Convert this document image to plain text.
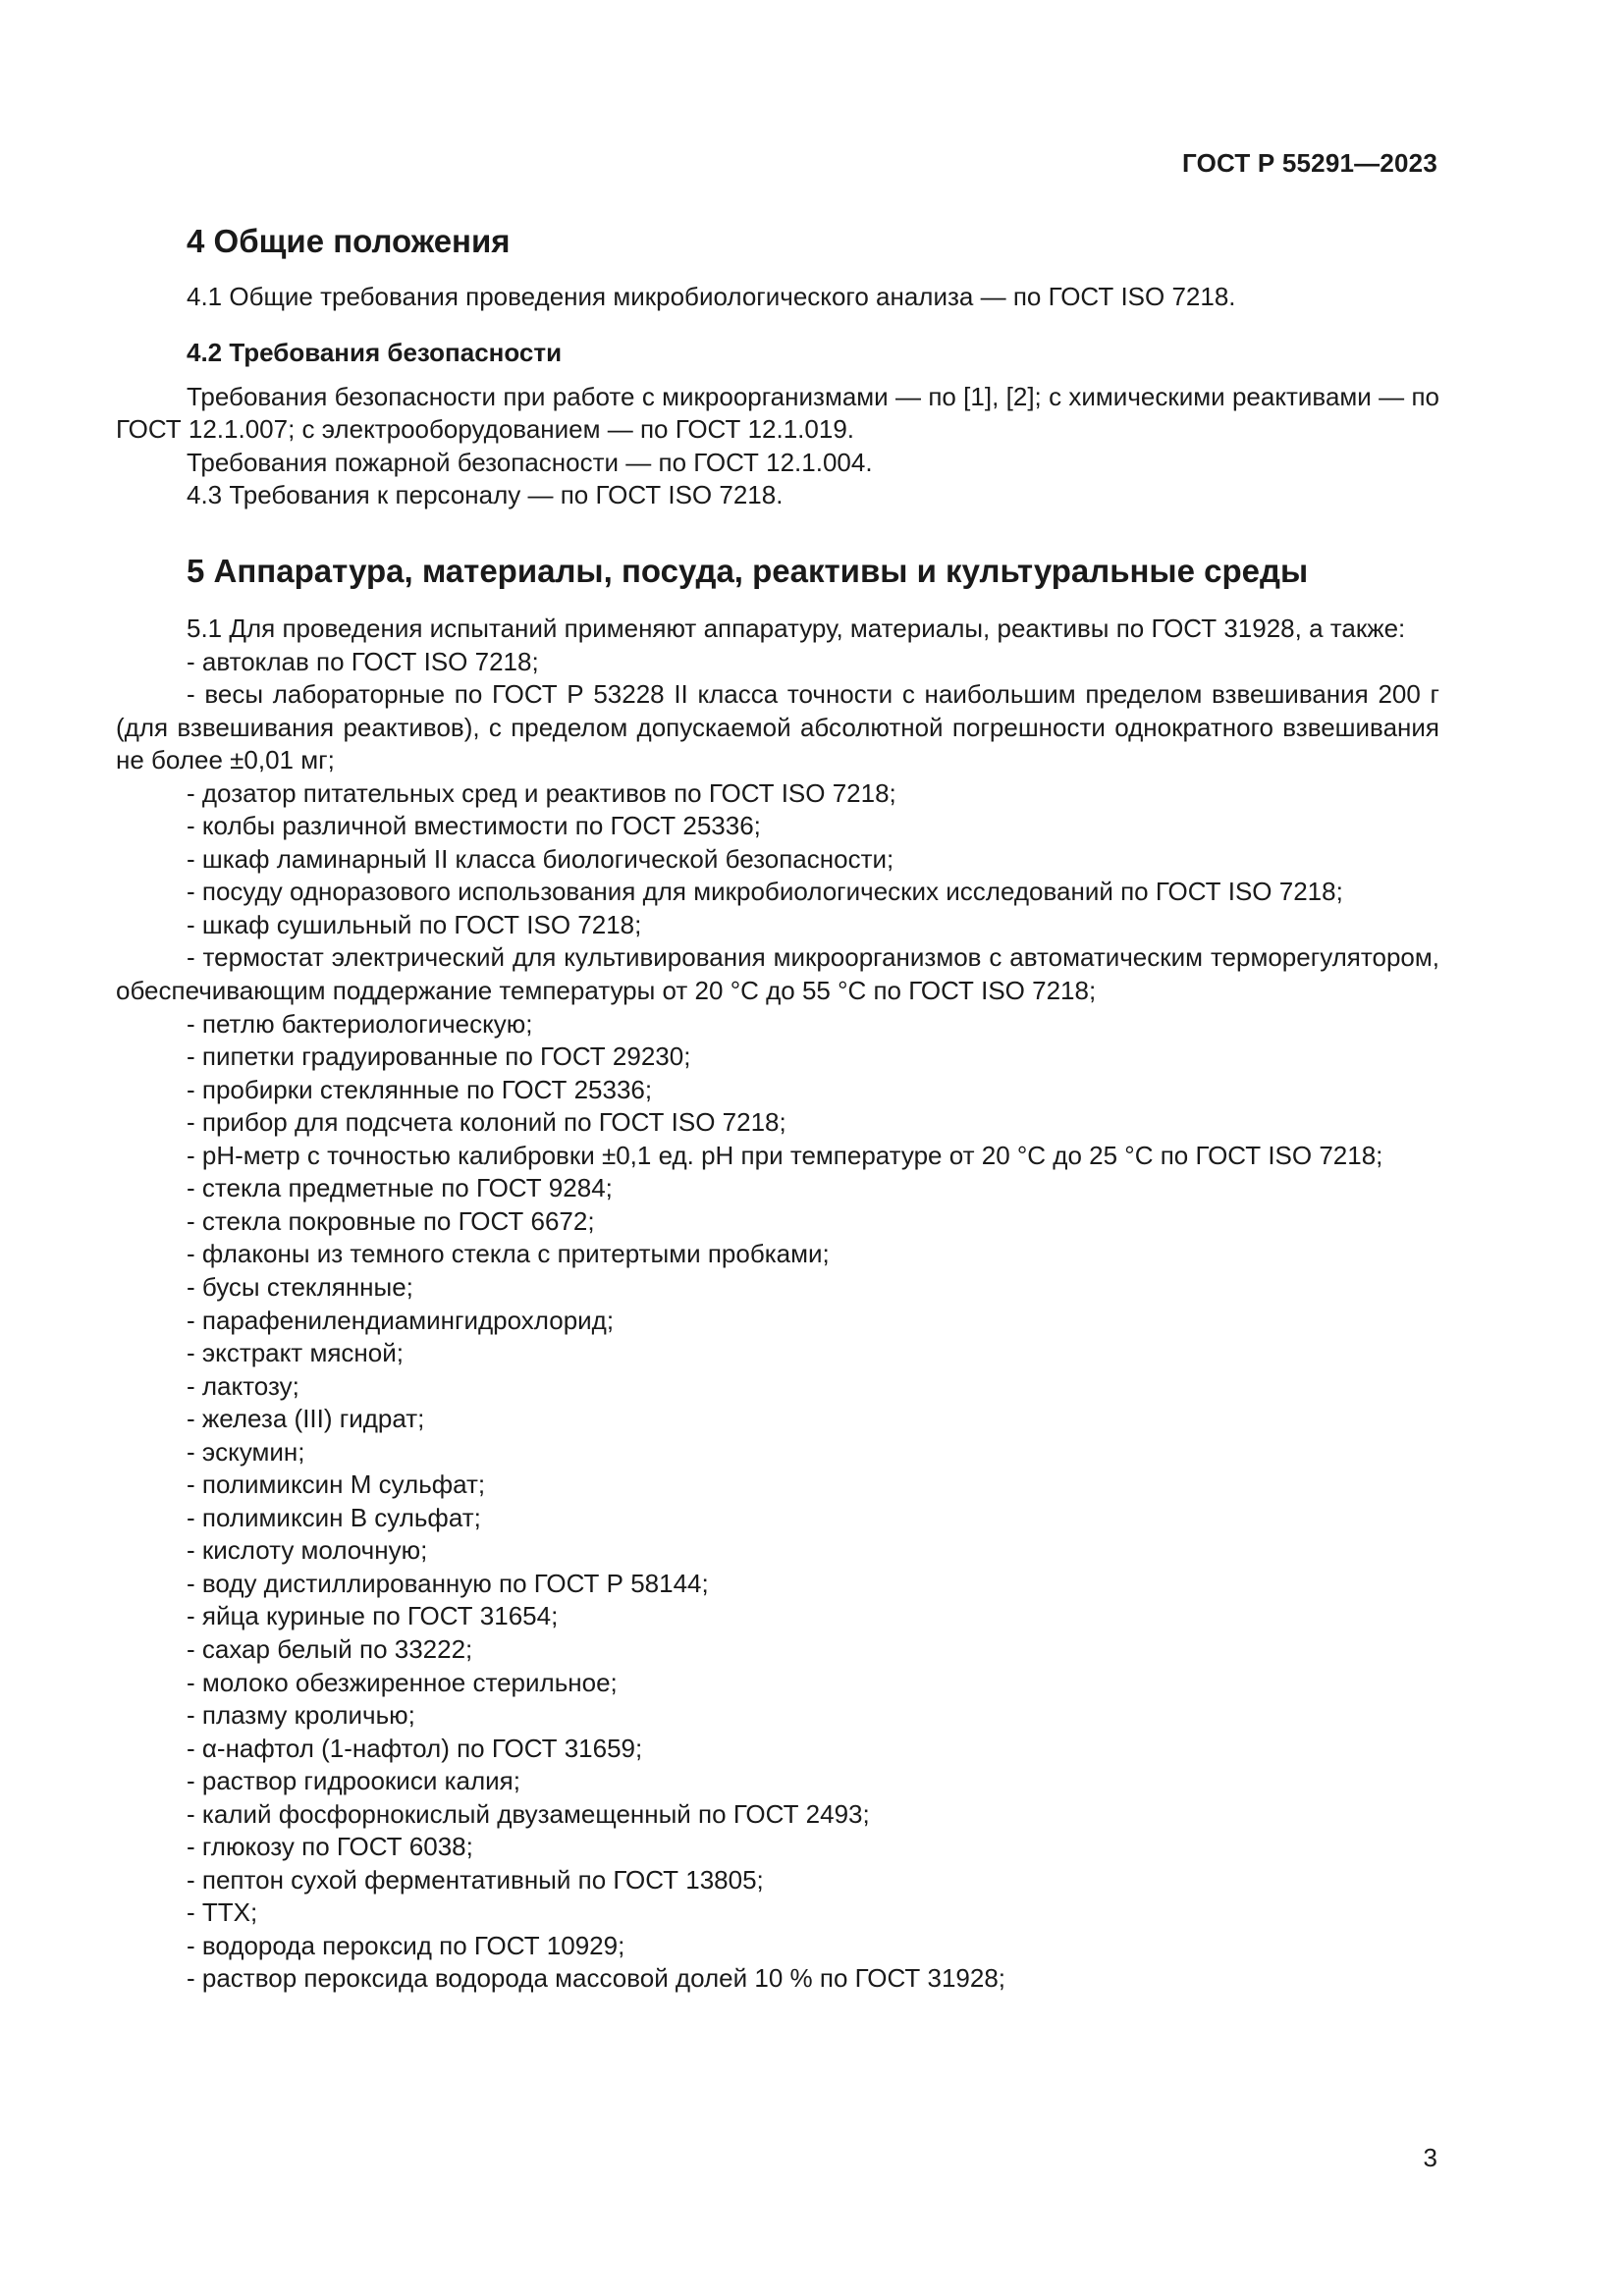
ГОСТ Р 55291—2023
4 Общие положения

4.1 Общие требования проведения микробиологического анализа — по ГОСТ ISO 7218.

4.2 Требования безопасности

Требования безопасности при работе с микроорганизмами — по [1], [2]; с химическими реактивами — по ГОСТ 12.1.007; с электрооборудованием — по ГОСТ 12.1.019.

Требования пожарной безопасности — по ГОСТ 12.1.004.

4.3 Требования к персоналу — по ГОСТ ISO 7218.

5 Аппаратура, материалы, посуда, реактивы и культуральные среды

5.1 Для проведения испытаний применяют аппаратуру, материалы, реактивы по ГОСТ 31928, а также:

- автоклав по ГОСТ ISO 7218;
- весы лабораторные по ГОСТ Р 53228 II класса точности с наибольшим пределом взвешивания 200 г (для взвешивания реактивов), с пределом допускаемой абсолютной погрешности однократного взвешивания не более ±0,01 мг;
- дозатор питательных сред и реактивов по ГОСТ ISO 7218;
- колбы различной вместимости по ГОСТ 25336;
- шкаф ламинарный II класса биологической безопасности;
- посуду одноразового использования для микробиологических исследований по ГОСТ ISO 7218;
- шкаф сушильный по ГОСТ ISO 7218;
- термостат электрический для культивирования микроорганизмов с автоматическим терморегулятором, обеспечивающим поддержание температуры от 20 °С до 55 °С по ГОСТ ISO 7218;
- петлю бактериологическую;
- пипетки градуированные по ГОСТ 29230;
- пробирки стеклянные по ГОСТ 25336;
- прибор для подсчета колоний по ГОСТ ISO 7218;
- pH-метр с точностью калибровки ±0,1 ед. pH при температуре от 20 °С до 25 °С по ГОСТ ISO 7218;
- стекла предметные по ГОСТ 9284;
- стекла покровные по ГОСТ 6672;
- флаконы из темного стекла с притертыми пробками;
- бусы стеклянные;
- парафенилендиамингидрохлорид;
- экстракт мясной;
- лактозу;
- железа (III) гидрат;
- эскумин;
- полимиксин М сульфат;
- полимиксин В сульфат;
- кислоту молочную;
- воду дистиллированную по ГОСТ Р 58144;
- яйца куриные по ГОСТ 31654;
- сахар белый по 33222;
- молоко обезжиренное стерильное;
- плазму кроличью;
- α-нафтол (1-нафтол) по ГОСТ 31659;
- раствор гидроокиси калия;
- калий фосфорнокислый двузамещенный по ГОСТ 2493;
- глюкозу по ГОСТ 6038;
- пептон сухой ферментативный по ГОСТ 13805;
- ТТХ;
- водорода пероксид по ГОСТ 10929;
- раствор пероксида водорода массовой долей 10 % по ГОСТ 31928;
3
